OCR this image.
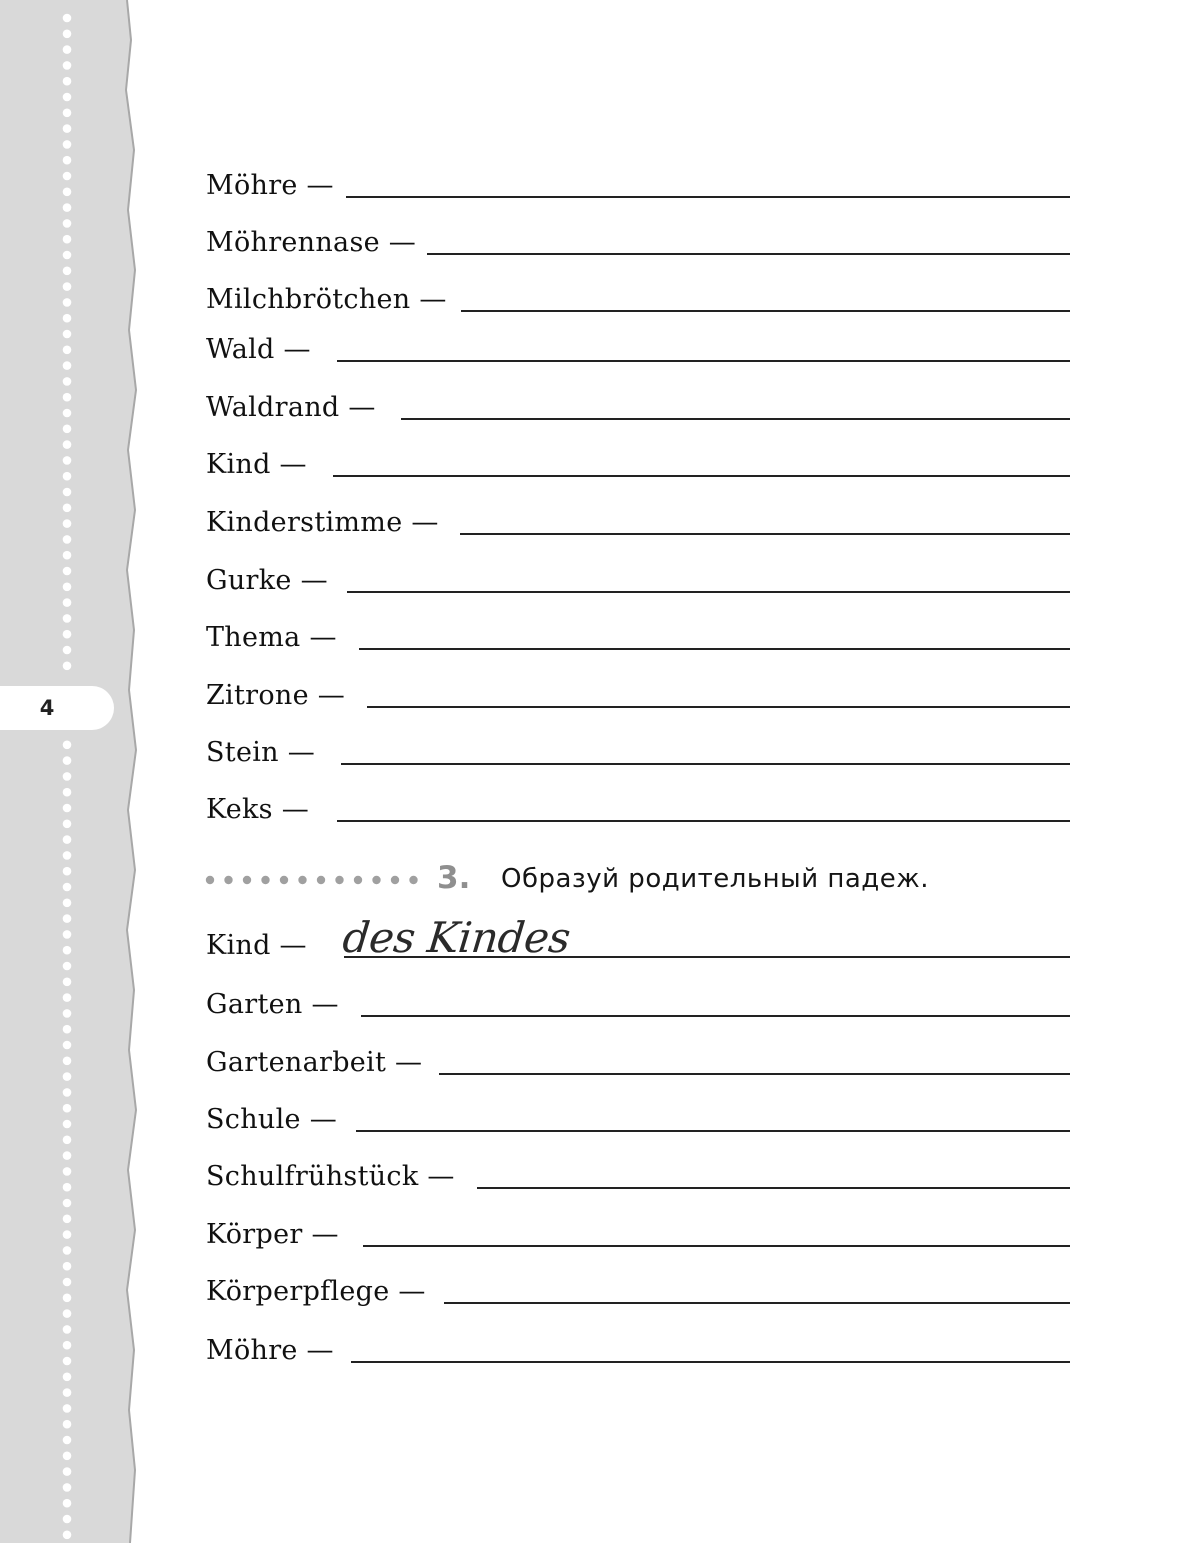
4
Möhre —
Möhrennase —
Milchbrötchen —
Wald —
Waldrand —
Kind —
Kinderstimme —
Gurke —
Thema —
Zitrone —
Stein —
Keks —
3. Образуй родительный падеж.
Kind — des Kindes
Garten —
Gartenarbeit —
Schule —
Schulfrühstück —
Körper —
Körperpflege —
Möhre —
